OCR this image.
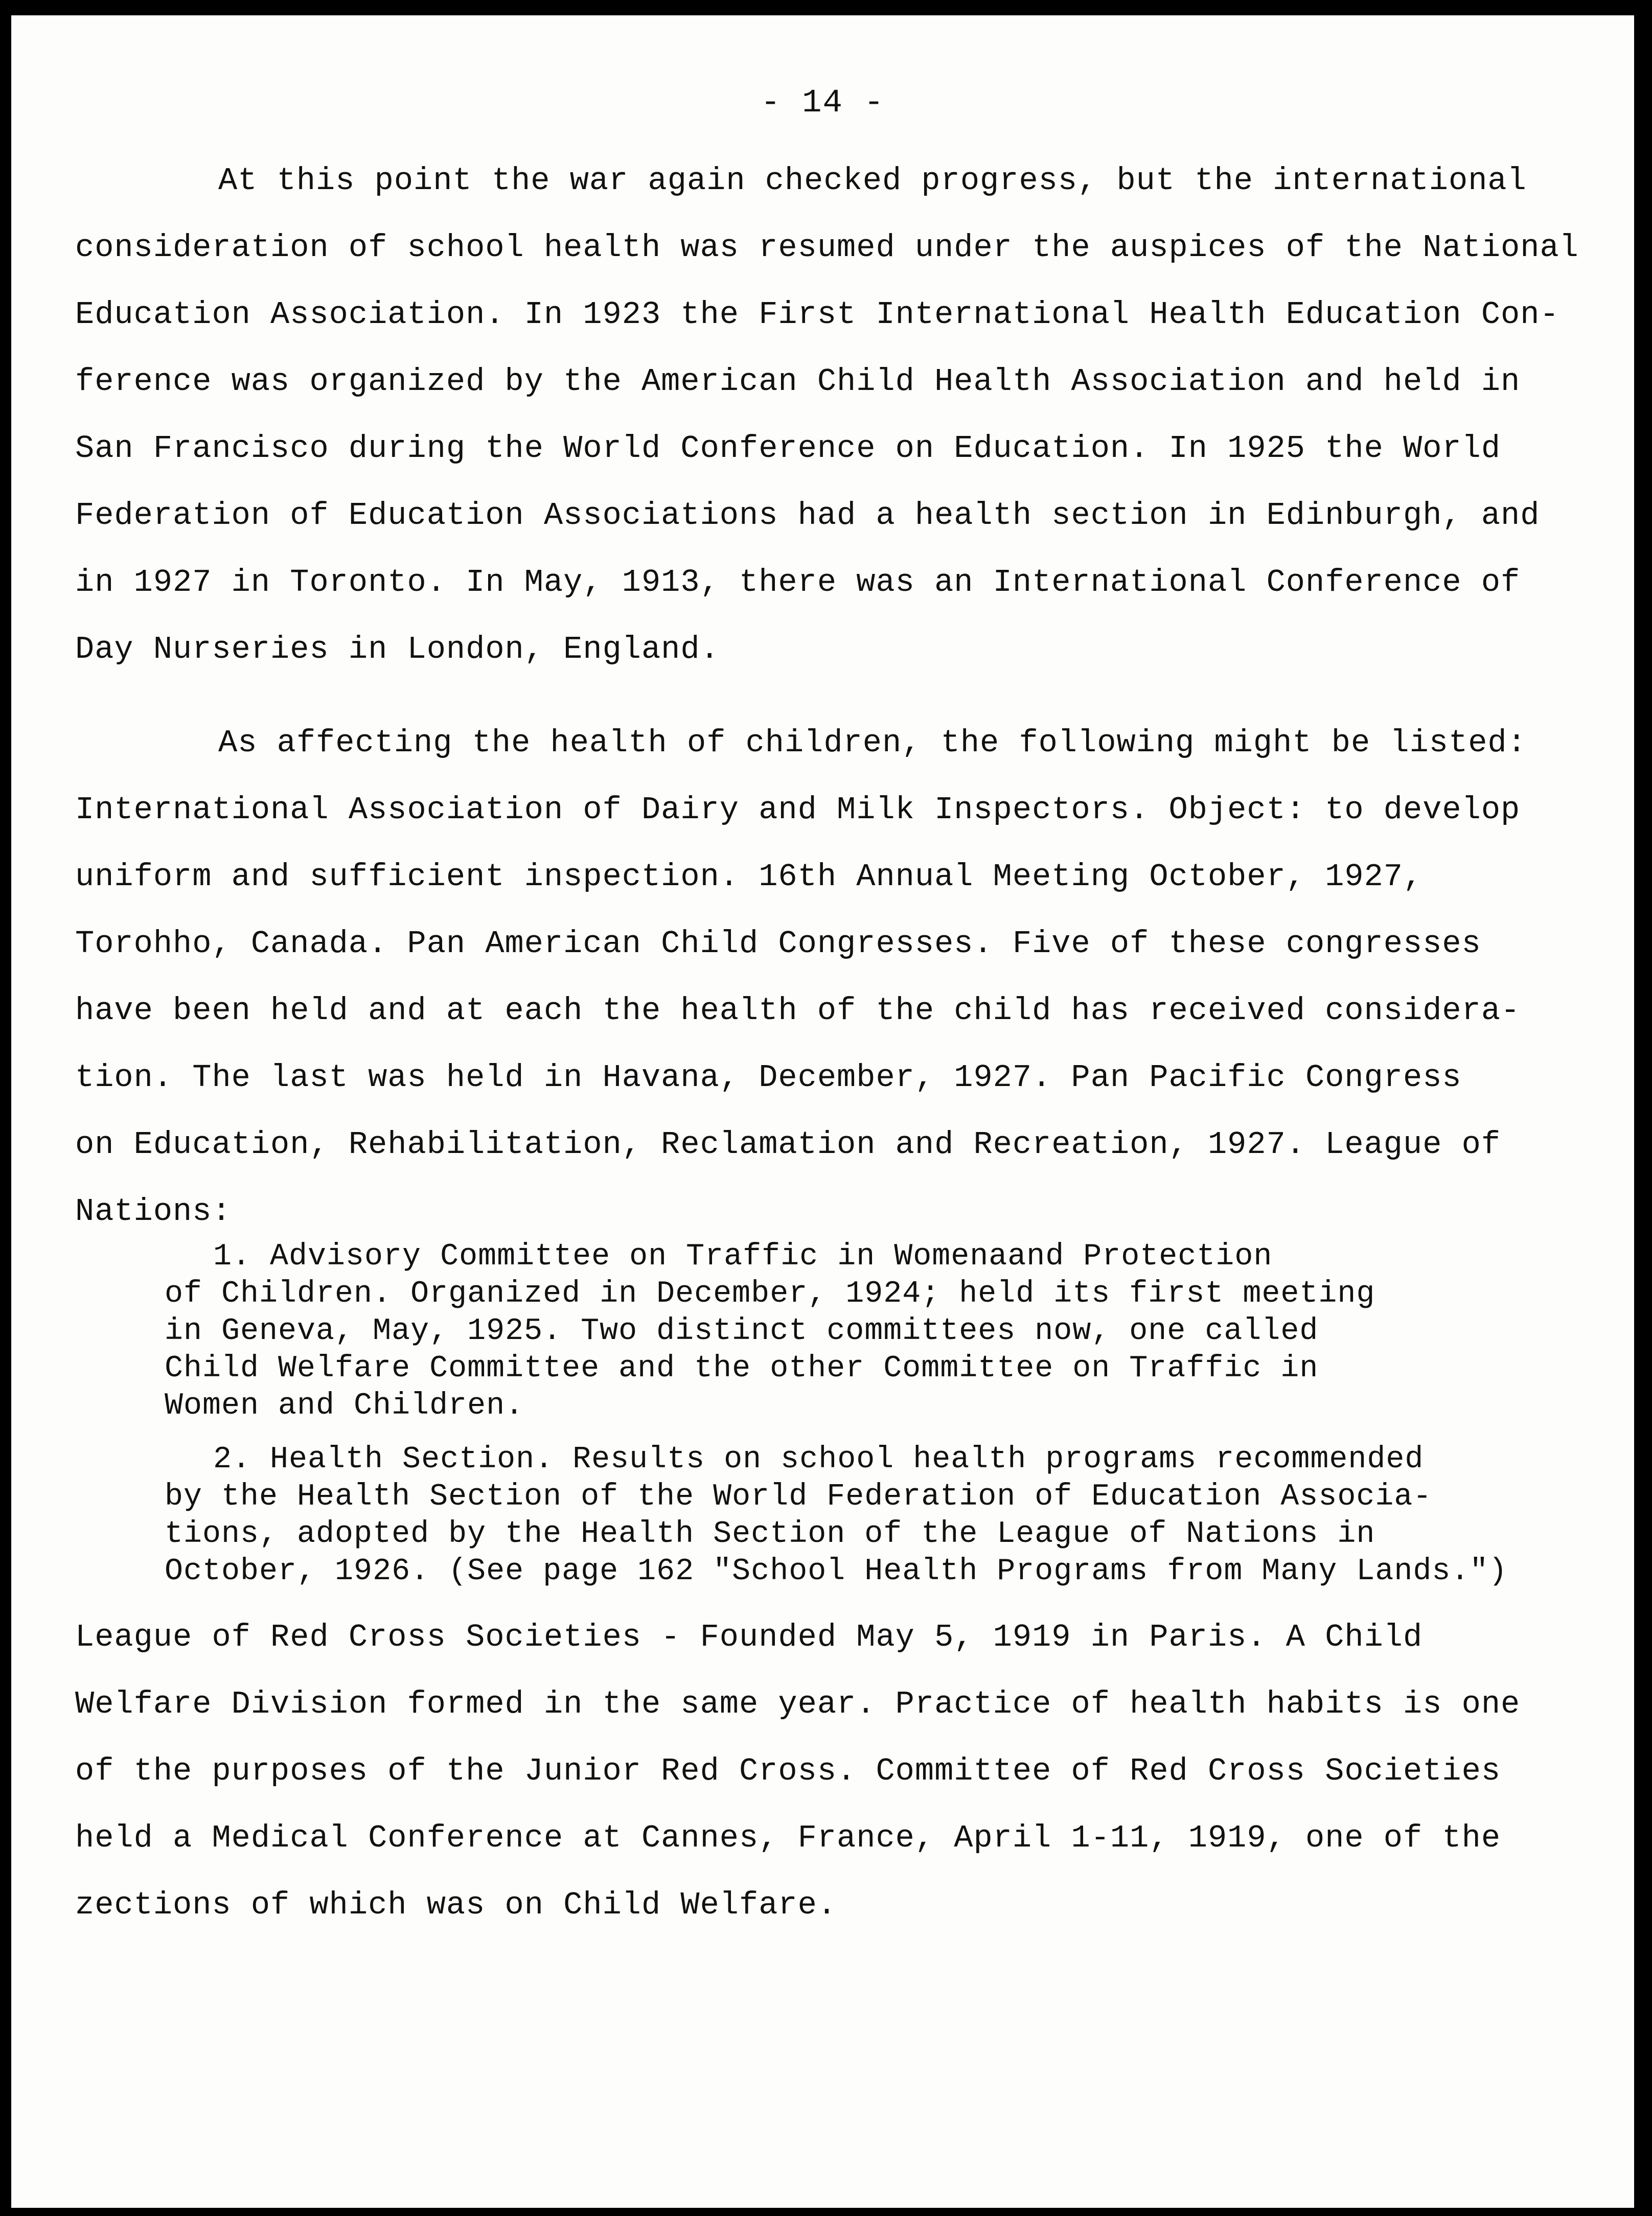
- 14 -

At this point the war again checked progress, but the international
consideration of school health was resumed under the auspices of the National
Education Association. In 1923 the First International Health Education Con-
ference was organized by the American Child Health Association and held in
San Francisco during the World Conference on Education. In 1925 the World
Federation of Education Associations had a health section in Edinburgh, and
in 1927 in Toronto. In May, 1913, there was an International Conference of
Day Nurseries in London, England.

As affecting the health of children, the following might be listed:
International Association of Dairy and Milk Inspectors. Object: to develop
uniform and sufficient inspection. 16th Annual Meeting October, 1927,
Torohho, Canada. Pan American Child Congresses. Five of these congresses
have been held and at each the health of the child has received considera-
tion. The last was held in Havana, December, 1927. Pan Pacific Congress
on Education, Rehabilitation, Reclamation and Recreation, 1927. League of
Nations:

1. Advisory Committee on Traffic in Womenaand Protection
of Children. Organized in December, 1924; held its first meeting
in Geneva, May, 1925. Two distinct committees now, one called
Child Welfare Committee and the other Committee on Traffic in
Women and Children.

2. Health Section. Results on school health programs recommended
by the Health Section of the World Federation of Education Associa-
tions, adopted by the Health Section of the League of Nations in
October, 1926. (See page 162 "School Health Programs from Many Lands.")

League of Red Cross Societies - Founded May 5, 1919 in Paris. A Child
Welfare Division formed in the same year. Practice of health habits is one
of the purposes of the Junior Red Cross. Committee of Red Cross Societies
held a Medical Conference at Cannes, France, April 1-11, 1919, one of the
zections of which was on Child Welfare.
